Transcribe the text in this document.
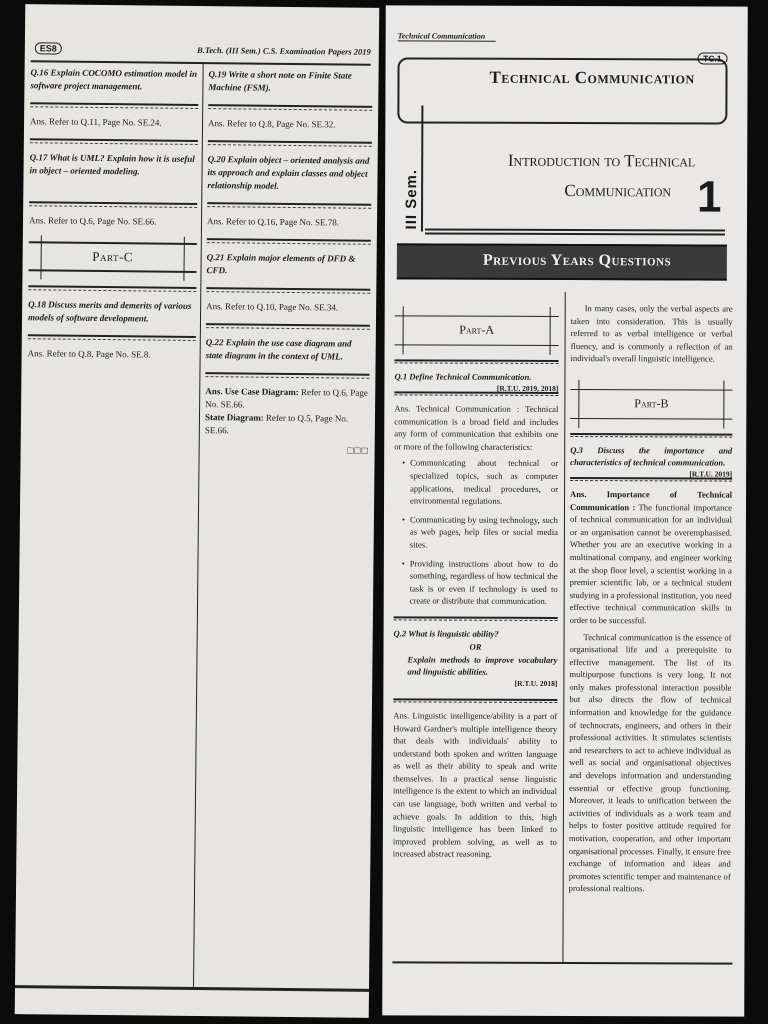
ES8	B.Tech. (III Sem.) C.S. Examination Papers 2019
Q.16 Explain COCOMO estimation model in software project management.
Ans. Refer to Q.11, Page No. SE.24.
Q.17 What is UML? Explain how it is useful in object – oriented modeling.
Ans. Refer to Q.6, Page No. SE.66.
Part-C
Q.18 Discuss merits and demerits of various models of software development.
Ans. Refer to Q.8, Page No. SE.8.
Q.19 Write a short note on Finite State Machine (FSM).
Ans. Refer to Q.8, Page No. SE.32.
Q.20 Explain object – oriented analysis and its approach and explain classes and object relationship model.
Ans. Refer to Q.16, Page No. SE.78.
Q.21 Explain major elements of DFD & CFD.
Ans. Refer to Q.10, Page No. SE.34.
Q.22 Explain the use case diagram and state diagram in the context of UML.
Ans. Use Case Diagram: Refer to Q.6, Page No. SE.66.
State Diagram: Refer to Q.5, Page No. SE.66.
□□□
Technical Communication
TC.1
Technical Communication
III Sem.
Introduction to Technical
Communication 1
Previous Years Questions
Part-A
Q.1 Define Technical Communication.
[R.T.U. 2019, 2018]
Ans. Technical Communication : Technical communication is a broad field and includes any form of communication that exhibits one or more of the following characteristics:
• Communicating about technical or specialized topics, such as computer applications, medical procedures, or environmental regulations.
• Communicating by using technology, such as web pages, help files or social media sites.
• Providing instructions about how to do something, regardless of how technical the task is or even if technology is used to create or distribute that communication.
Q.2 What is linguistic ability?
OR
Explain methods to improve vocabulary and linguistic abilities.
[R.T.U. 2018]
Ans. Linguistic intelligence/ability is a part of Howard Gardner's multiple intelligence theory that deals with individuals' ability to understand both spoken and written language as well as their ability to speak and write themselves. In a practical sense linguistic intelligence is the extent to which an individual can use language, both written and verbal to achieve goals. In addition to this, high linguistic intelligence has been linked to improved problem solving, as well as to increased abstract reasoning.
In many cases, only the verbal aspects are taken into consideration. This is usually referred to as verbal intelligence or verbal fluency, and is commonly a reflection of an individual's overall linguistic intelligence.
Part-B
Q.3 Discuss the importance and characteristics of technical communication.
[R.T.U. 2019]
Ans. Importance of Technical Communication : The functional importance of technical communication for an individual or an organisation cannot be overemphasised. Whether you are an executive working in a multinational company, and engineer working at the shop floor level, a scientist working in a premier scientific lab, or a technical student studying in a professional institution, you need effective technical communication skills in order to be successful.
Technical communication is the essence of organisational life and a prerequisite to effective management. The list of its multipurpose functions is very long. It not only makes professional interaction possible but also directs the flow of technical information and knowledge for the guidance of technocrats, engineers, and others in their professional activities. It stimulates scientists and researchers to act to achieve individual as well as social and organisational objectives and develops information and understanding essential or effective group functioning. Moreover, it leads to unification between the activities of individuals as a work team and helps to foster positive attitude required for motivation, cooperation, and other important organisational processes. Finally, it ensure free exchange of information and ideas and promotes scientific temper and maintenance of professional realtions.
